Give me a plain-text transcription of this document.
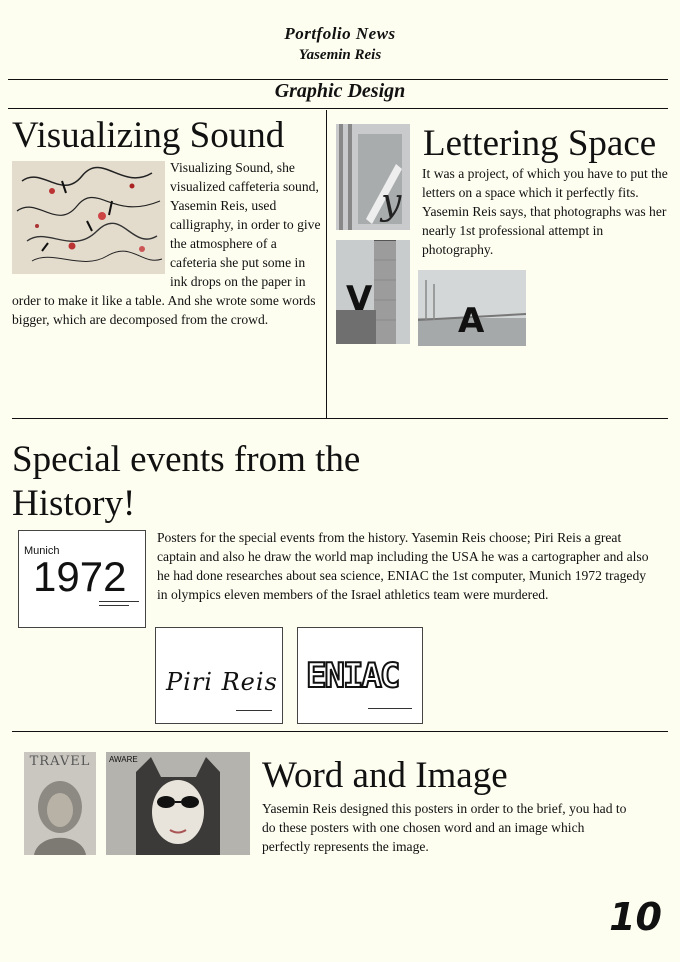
Portfolio News
Yasemin Reis
Graphic Design
Visualizing Sound
Visualizing Sound, she visualized caffeteria sound, Yasemin Reis, used calligraphy, in order to give the atmosphere of a cafeteria she put some in ink drops on the paper in order to make it like a table. And she wrote some words bigger, which are decomposed from the crowd.
y
V
A
Lettering Space
It was a project, of which you have to put the letters on a space which it perfectly fits. Yasemin Reis says, that photographs was her nearly 1st professional attempt in photography.
Special events from the
History!
Munich
1972
Posters for the special events from the history. Yasemin Reis choose; Piri Reis a great captain and also he draw the world map including the USA he was a cartographer and also he had done researches about sea science, ENIAC the 1st computer, Munich 1972 tragedy in olympics eleven members of the Israel athletics team were murdered.
Piri Reis ENIAC
TRAVEL	AWARE	Word and Image
Yasemin Reis designed this posters in order to the brief, you had to do these posters with one chosen word and an image which perfectly represents the image.
10
